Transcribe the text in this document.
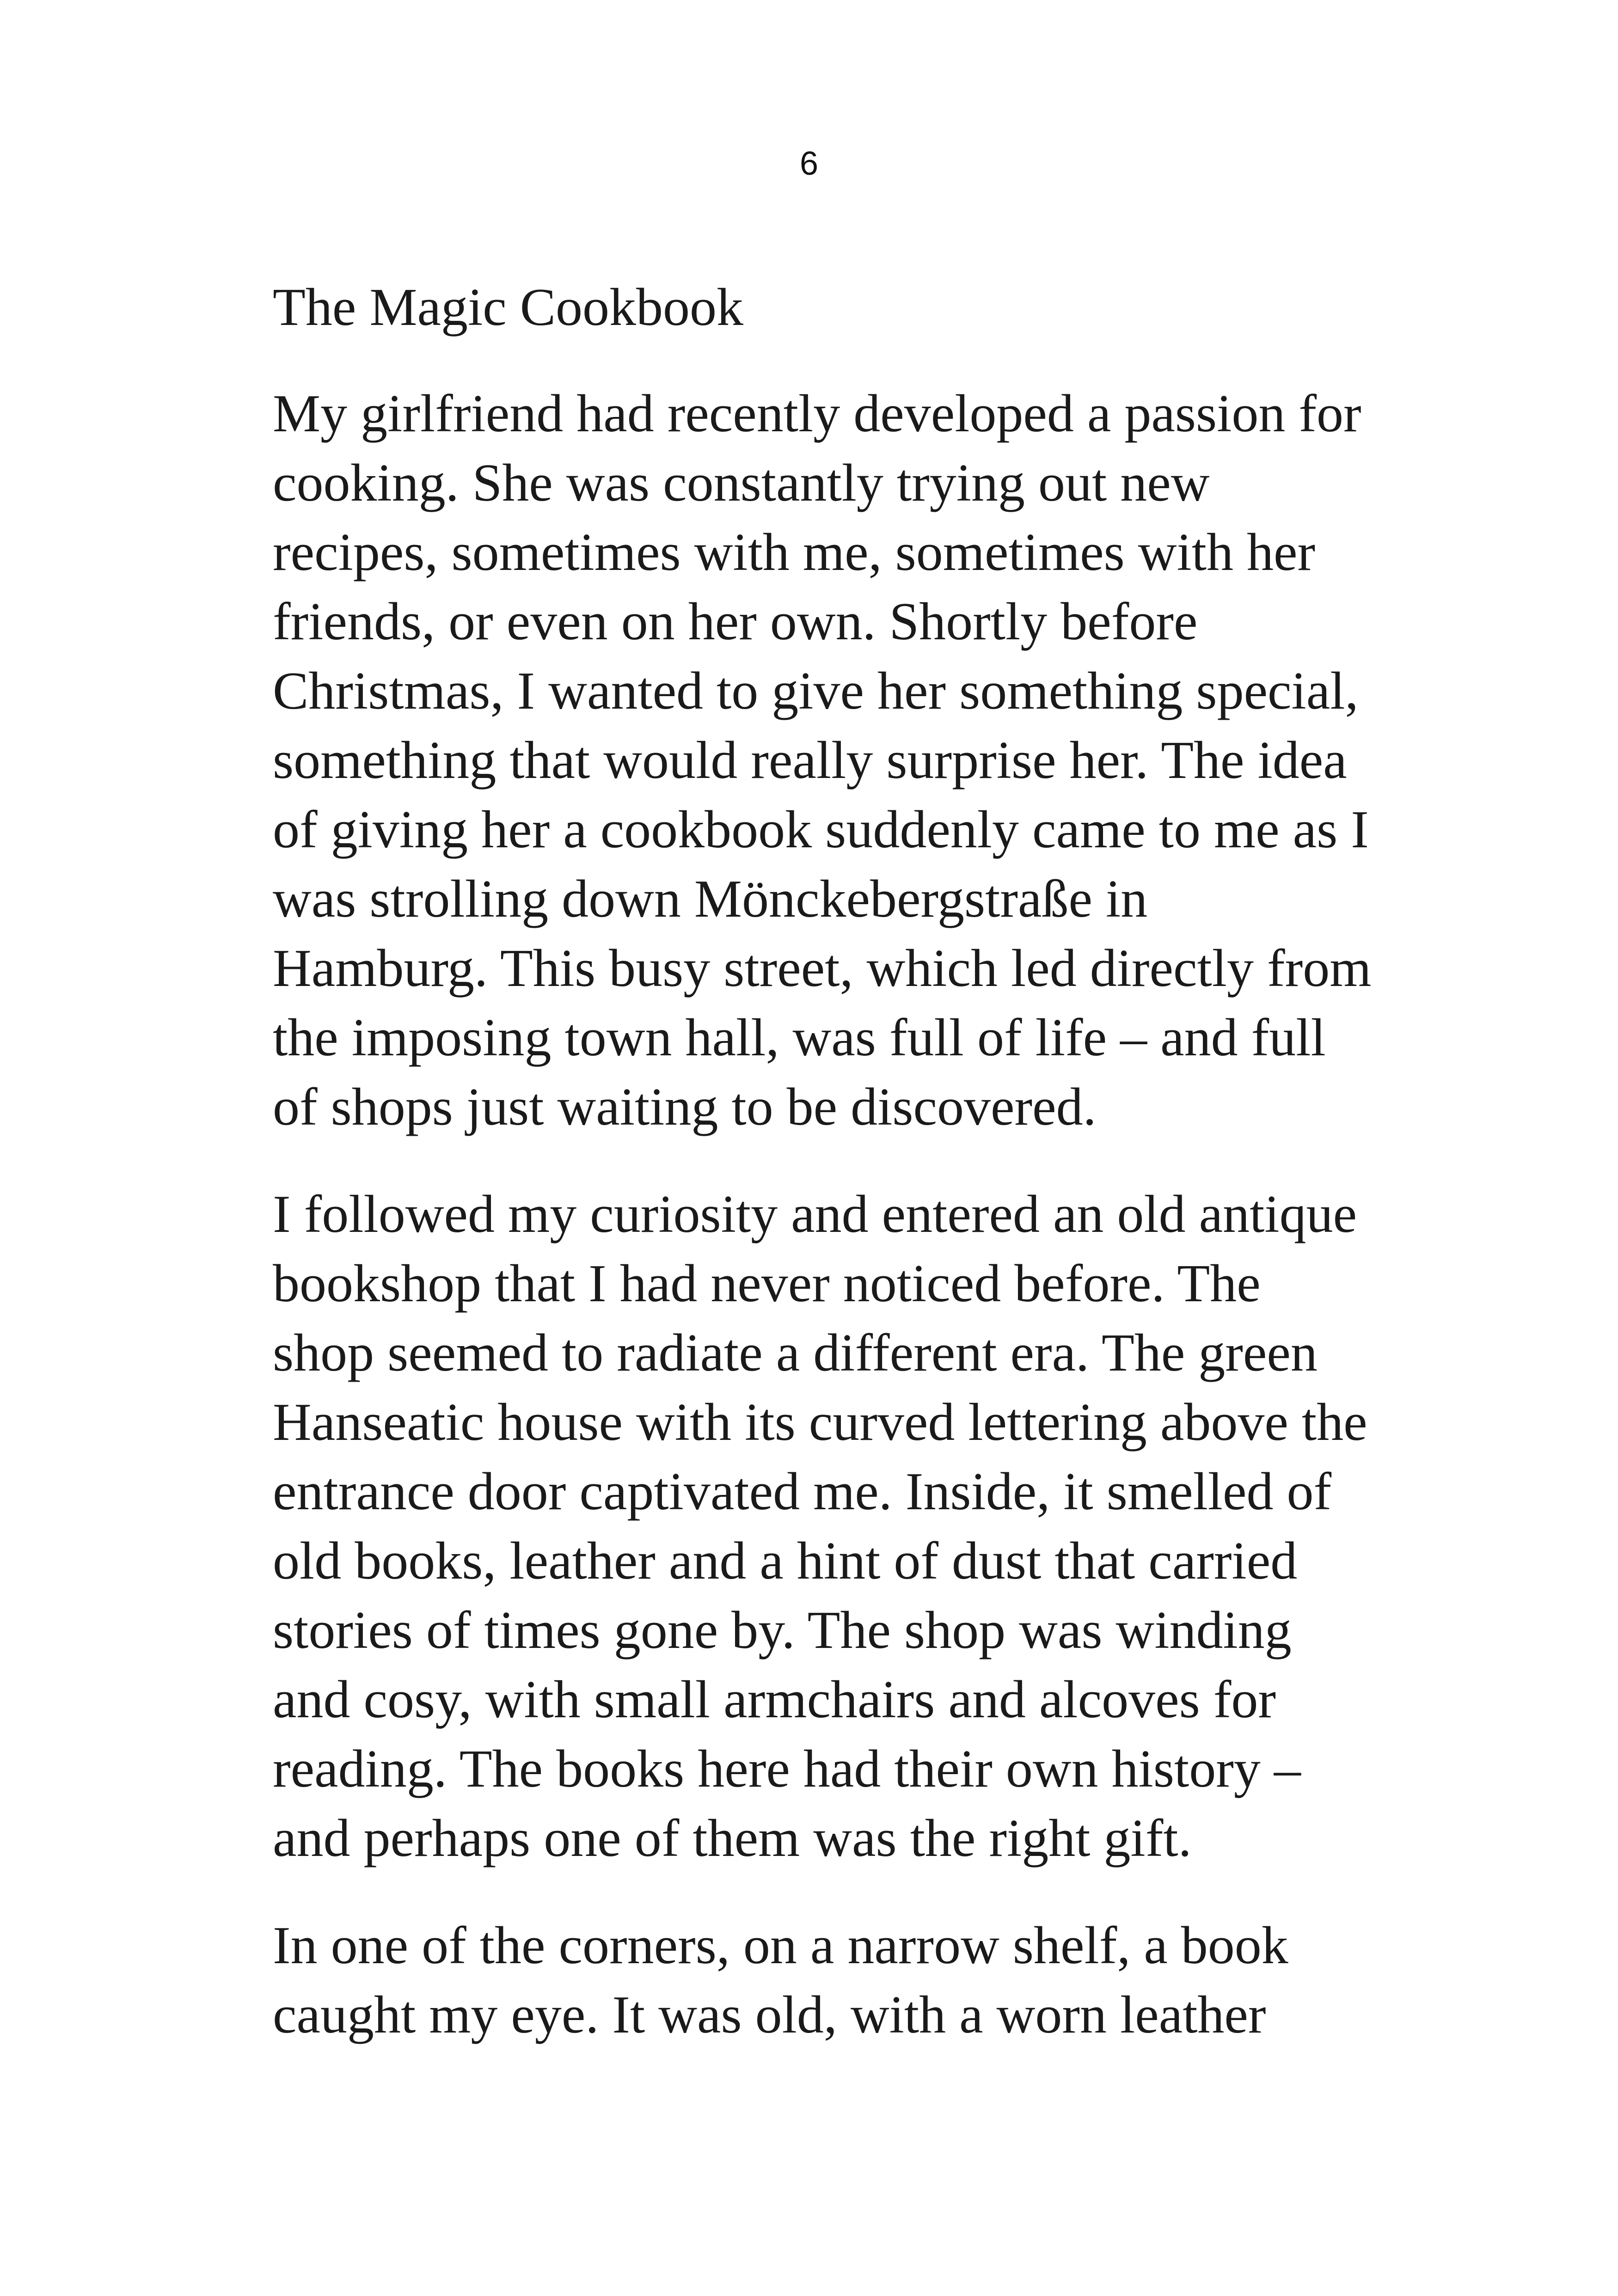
6
The Magic Cookbook
My girlfriend had recently developed a passion for
cooking. She was constantly trying out new
recipes, sometimes with me, sometimes with her
friends, or even on her own. Shortly before
Christmas, I wanted to give her something special,
something that would really surprise her. The idea
of giving her a cookbook suddenly came to me as I
was strolling down Mönckebergstraße in
Hamburg. This busy street, which led directly from
the imposing town hall, was full of life – and full
of shops just waiting to be discovered.
I followed my curiosity and entered an old antique
bookshop that I had never noticed before. The
shop seemed to radiate a different era. The green
Hanseatic house with its curved lettering above the
entrance door captivated me. Inside, it smelled of
old books, leather and a hint of dust that carried
stories of times gone by. The shop was winding
and cosy, with small armchairs and alcoves for
reading. The books here had their own history –
and perhaps one of them was the right gift.
In one of the corners, on a narrow shelf, a book
caught my eye. It was old, with a worn leather
